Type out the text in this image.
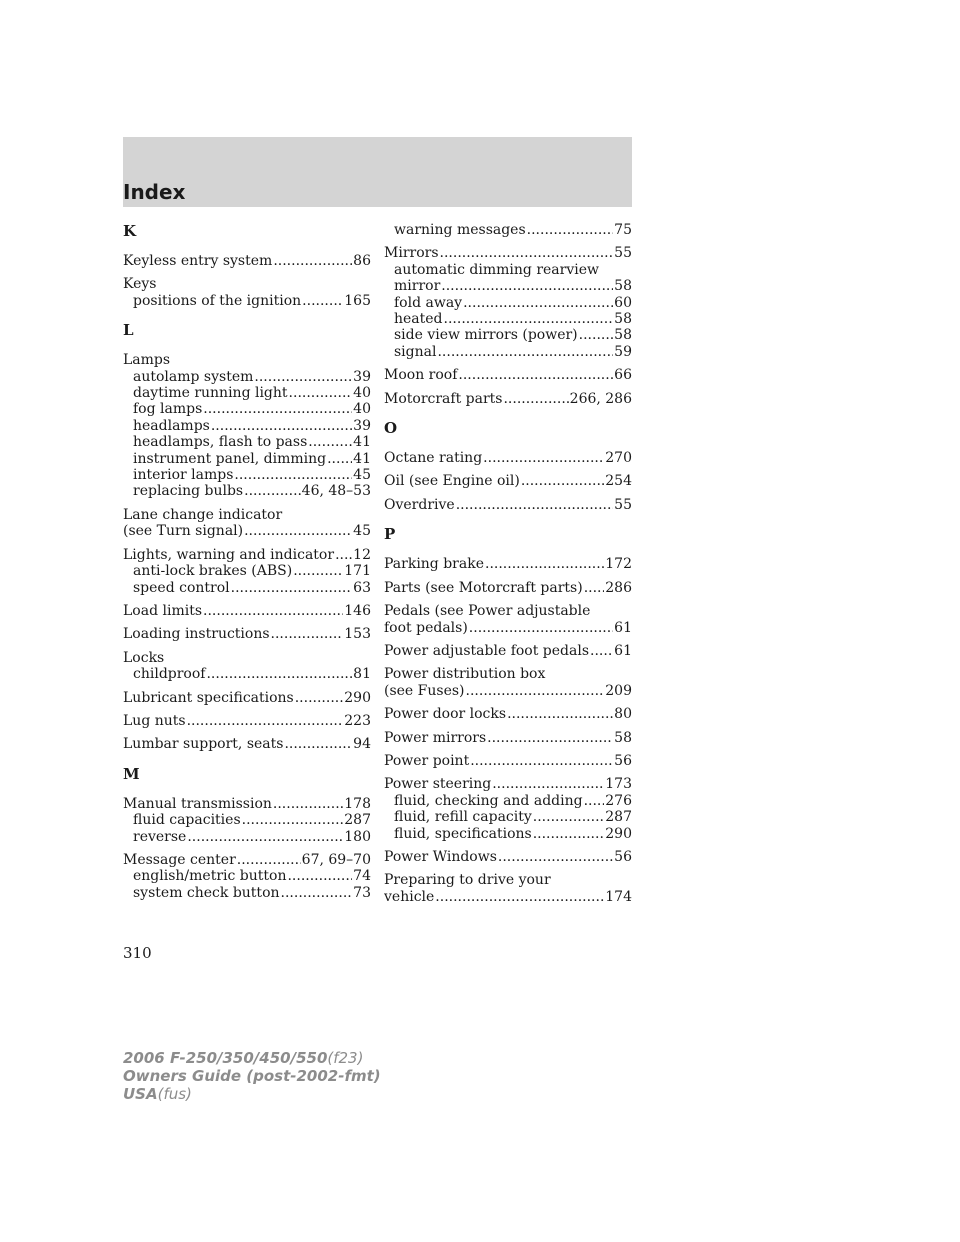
Index
K
Keyless entry system .....	86
Keys
positions of the ignition .....	165
L
Lamps
autolamp system .....	39
daytime running light .....	40
fog lamps .....	40
headlamps .....	39
headlamps, flash to pass .....	41
instrument panel, dimming ..... 41
interior lamps .....	45
replacing bulbs .....	46, 48–53
Lane change indicator
(see Turn signal) .....	45
Lights, warning and indicator ..... 12
anti-lock brakes (ABS) .....	171
speed control .....	63
Load limits .....	146
Loading instructions .....	153
Locks
childproof .....	81
Lubricant specifications .....	290
Lug nuts .....	223
Lumbar support, seats .....	94
M
Manual transmission .....	178
fluid capacities .....	287
reverse .....	180
Message center .....	67, 69–70
english/metric button .....	74
system check button .....	73
warning messages .....	75
Mirrors .....	55
automatic dimming rearview
mirror .....	58
fold away .....	60
heated .....	58
side view mirrors (power) .....	58
signal .....	59
Moon roof .....	66
Motorcraft parts .....	266, 286
O
Octane rating .....	270
Oil (see Engine oil) .....	254
Overdrive .....	55
P
Parking brake .....	172
Parts (see Motorcraft parts) ..... 286
Pedals (see Power adjustable
foot pedals) .....	61
Power adjustable foot pedals ..... 61
Power distribution box
(see Fuses) .....	209
Power door locks .....	80
Power mirrors .....	58
Power point .....	56
Power steering .....	173
fluid, checking and adding ..... 276
fluid, refill capacity .....	287
fluid, specifications .....	290
Power Windows .....	56
Preparing to drive your
vehicle .....	174
310
2006 F-250/350/450/550(f23)
Owners Guide (post-2002-fmt)
USA(fus)
